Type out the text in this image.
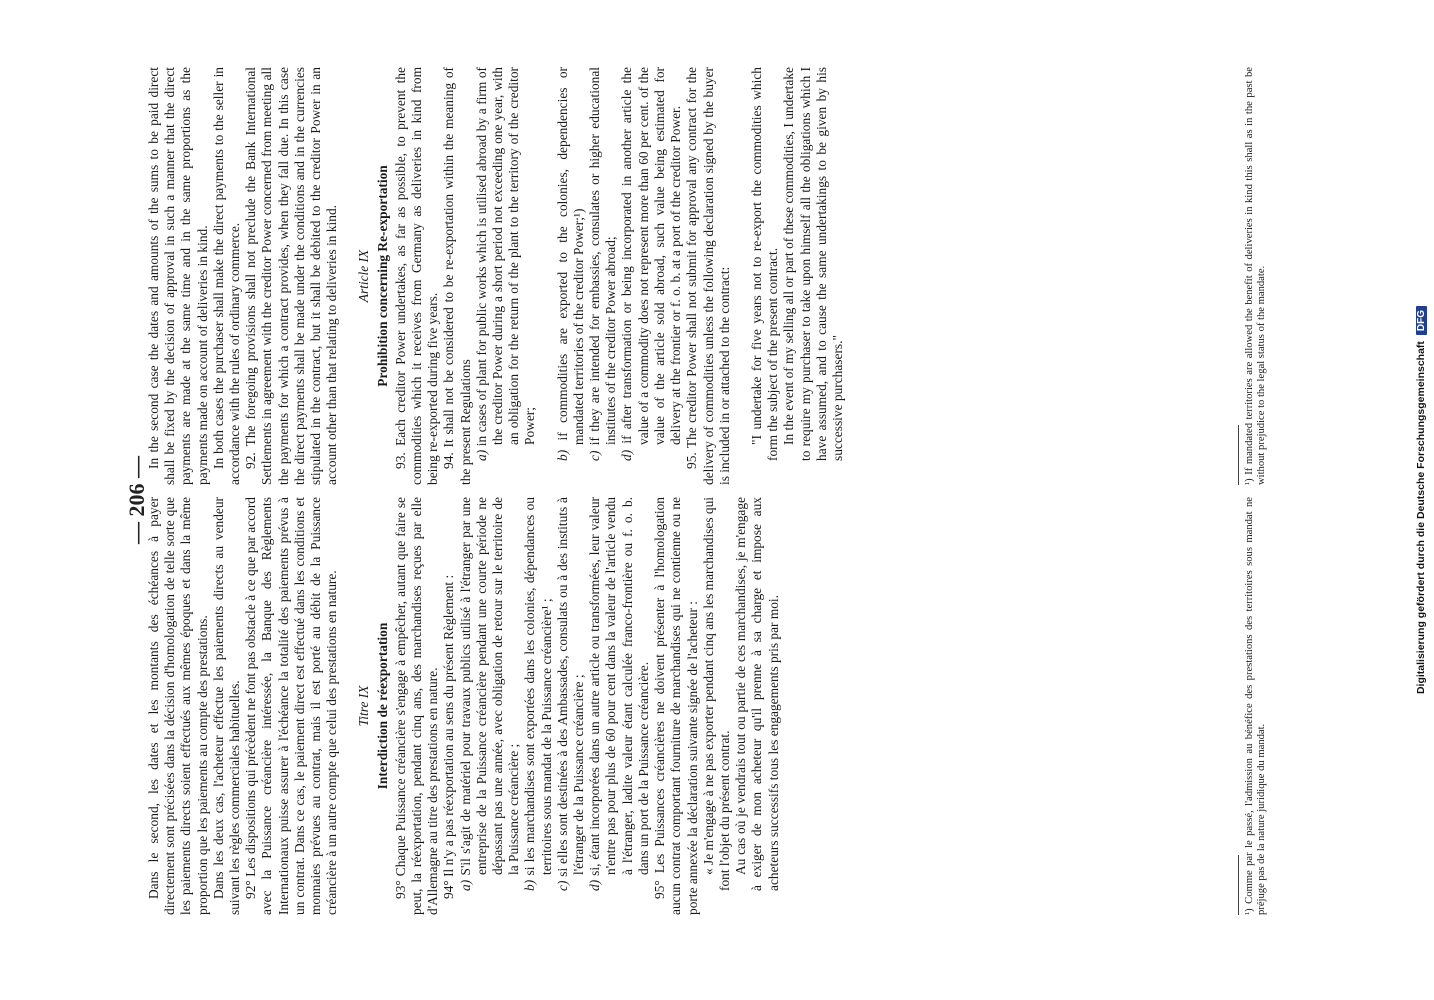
— 206 —

Dans le second, les dates et les montants des échéances à payer directement sont précisées dans la décision d'homologation de telle sorte que les paiements directs soient effectués aux mêmes époques et dans la même proportion que les paiements au compte des prestations. Dans les deux cas, l'acheteur effectue les paiements directs au vendeur suivant les règles commerciales habituelles. 92° Les dispositions qui précèdent ne font pas obstacle à ce que par accord avec la Puissance créancière intéressée, la Banque des Règlements Internationaux puisse assurer à l'échéance la totalité des paiements prévus à un contrat. Dans ce cas, le paiement direct est effectué dans les conditions et monnaies prévues au contrat, mais il est porté au débit de la Puissance créancière à un autre compte que celui des prestations en nature. Titre IX Interdiction de réexportation 93° Chaque Puissance créancière s'engage à empêcher, autant que faire se peut, la réexportation, pendant cinq ans, des marchandises reçues par elle d'Allemagne au titre des prestations en nature. 94° Il n'y a pas réexportation au sens du présent Règlement : a) S'il s'agit de matériel pour travaux publics utilisé à l'étranger par une entreprise de la Puissance créancière pendant une courte période ne dépassant pas une année, avec obligation de retour sur le territoire de la Puissance créancière ;

b) si les marchandises sont exportées dans les colonies, dépendances ou territoires sous mandat de la Puissance créancière¹ ;

c) si elles sont destinées à des Ambassades, consulats ou à des instituts à l'étranger de la Puissance créancière ;

d) si, étant incorporées dans un autre article ou transformées, leur valeur n'entre pas pour plus de 60 pour cent dans la valeur de l'article vendu à l'étranger, ladite valeur étant calculée franco-frontière ou f. o. b. dans un port de la Puissance créancière. 95° Les Puissances créancières ne doivent présenter à l'homologation aucun contrat comportant fourniture de marchandises qui ne contienne ou ne porte annexée la déclaration suivante signée de l'acheteur : « Je m'engage à ne pas exporter pendant cinq ans les marchandises qui font l'objet du présent contrat. Au cas où je vendrais tout ou partie de ces marchandises, je m'engage à exiger de mon acheteur qu'il prenne à sa charge et impose aux acheteurs successifs tous les engagements pris par moi.

In the second case the dates and amounts of the sums to be paid direct shall be fixed by the decision of approval in such a manner that the direct payments are made at the same time and in the same proportions as the payments made on account of deliveries in kind. In both cases the purchaser shall make the direct payments to the seller in accordance with the rules of ordinary commerce. 92. The foregoing provisions shall not preclude the Bank International Settlements in agreement with the creditor Power concerned from meeting all the payments for which a contract provides, when they fall due. In this case the direct payments shall be made under the conditions and in the currencies stipulated in the contract, but it shall be debited to the creditor Power in an account other than that relating to deliveries in kind. Article IX Prohibition concerning Re-exportation 93. Each creditor Power undertakes, as far as possible, to prevent the commodities which it receives from Germany as deliveries in kind from being re-exported during five years. 94. It shall not be considered to be re-exportation within the meaning of the present Regulations a) in cases of plant for public works which is utilised abroad by a firm of the creditor Power during a short period not exceeding one year, with an obligation for the return of the plant to the territory of the creditor Power;

b) if commodities are exported to the colonies, dependencies or mandated territories of the creditor Power;¹)

c) if they are intended for embassies, consulates or higher educational institutes of the creditor Power abroad;

d) if after transformation or being incorporated in another article the value of a commodity does not represent more than 60 per cent. of the value of the article sold abroad, such value being estimated for delivery at the frontier or f. o. b. at a port of the creditor Power. 95. The creditor Power shall not submit for approval any contract for the delivery of commodities unless the following declaration signed by the buyer is included in or attached to the contract: "I undertake for five years not to re-export the commodities which form the subject of the present contract. In the event of my selling all or part of these commodities, I undertake to require my purchaser to take upon himself all the obligations which I have assumed, and to cause the same undertakings to be given by his successive purchasers."

¹) Comme par le passé, l'admission au bénéfice des prestations des territoires sous mandat ne préjuge pas de la nature juridique du mandat.
¹) If mandated territories are allowed the benefit of deliveries in kind this shall as in the past be without prejudice to the legal status of the mandate.	Digitalisierung gefördert durch die Deutsche ForschungsgemeinschaftDFG
